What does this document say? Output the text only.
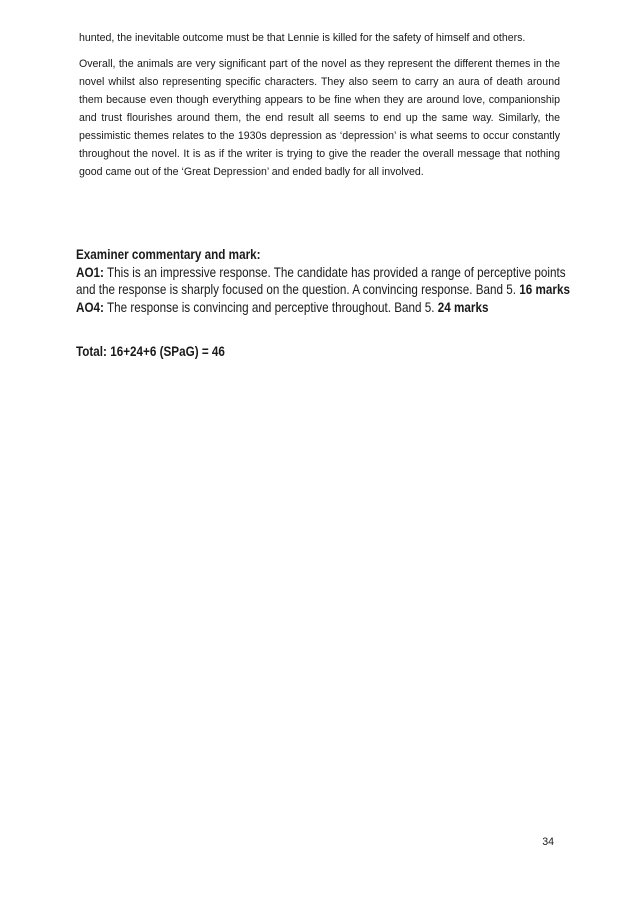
hunted, the inevitable outcome must be that Lennie is killed for the safety of himself and others.

Overall, the animals are very significant part of the novel as they represent the different themes in the novel whilst also representing specific characters. They also seem to carry an aura of death around them because even though everything appears to be fine when they are around love, companionship and trust flourishes around them, the end result all seems to end up the same way. Similarly, the pessimistic themes relates to the 1930s depression as ‘depression’ is what seems to occur constantly throughout the novel. It is as if the writer is trying to give the reader the overall message that nothing good came out of the ‘Great Depression’ and ended badly for all involved.

Examiner commentary and mark:
AO1: This is an impressive response. The candidate has provided a range of perceptive points
and the response is sharply focused on the question. A convincing response. Band 5. 16 marks
AO4: The response is convincing and perceptive throughout. Band 5. 24 marks
Total: 16+24+6 (SPaG) = 46
34
